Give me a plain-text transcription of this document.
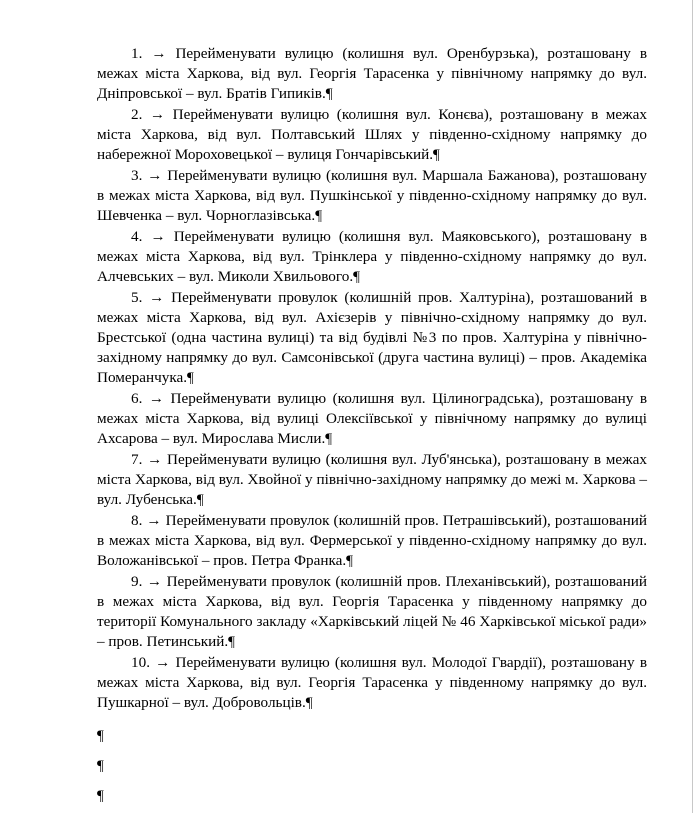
1. → Перейменувати вулицю (колишня вул. Оренбурзька), розташовану в межах міста Харкова, від вул. Георгія Тарасенка у північному напрямку до вул. Дніпровської – вул. Братів Гипиків.¶

2. → Перейменувати вулицю (колишня вул. Конєва), розташовану в межах міста Харкова, від вул. Полтавський Шлях у південно-східному напрямку до набережної Мороховецької – вулиця Гончарівський.¶

3. → Перейменувати вулицю (колишня вул. Маршала Бажанова), розташовану в межах міста Харкова, від вул. Пушкінської у південно-східному напрямку до вул. Шевченка – вул. Чорноглазівська.¶

4. → Перейменувати вулицю (колишня вул. Маяковського), розташовану в межах міста Харкова, від вул. Трінклера у південно-східному напрямку до вул. Алчевських – вул. Миколи Хвильового.¶

5. → Перейменувати провулок (колишній пров. Халтуріна), розташований в межах міста Харкова, від вул. Ахієзерів у північно-східному напрямку до вул. Брестської (одна частина вулиці) та від будівлі №3 по пров. Халтуріна у північно-західному напрямку до вул. Самсонівської (друга частина вулиці) – пров. Академіка Померанчука.¶

6. → Перейменувати вулицю (колишня вул. Цілиноградська), розташовану в межах міста Харкова, від вулиці Олексіївської у північному напрямку до вулиці Ахсарова – вул. Мирослава Мисли.¶

7. → Перейменувати вулицю (колишня вул. Луб'янська), розташовану в межах міста Харкова, від вул. Хвойної у північно-західному напрямку до межі м. Харкова – вул. Лубенська.¶

8. → Перейменувати провулок (колишній пров. Петрашівський), розташований в межах міста Харкова, від вул. Фермерської у південно-східному напрямку до вул. Воложанівської – пров. Петра Франка.¶

9. → Перейменувати провулок (колишній пров. Плеханівський), розташований в межах міста Харкова, від вул. Георгія Тарасенка у південному напрямку до території Комунального закладу «Харківський ліцей № 46 Харківської міської ради» – пров. Петинський.¶

10. → Перейменувати вулицю (колишня вул. Молодої Гвардії), розташовану в межах міста Харкова, від вул. Георгія Тарасенка у південному напрямку до вул. Пушкарної – вул. Добровольців.¶

¶

¶

¶
